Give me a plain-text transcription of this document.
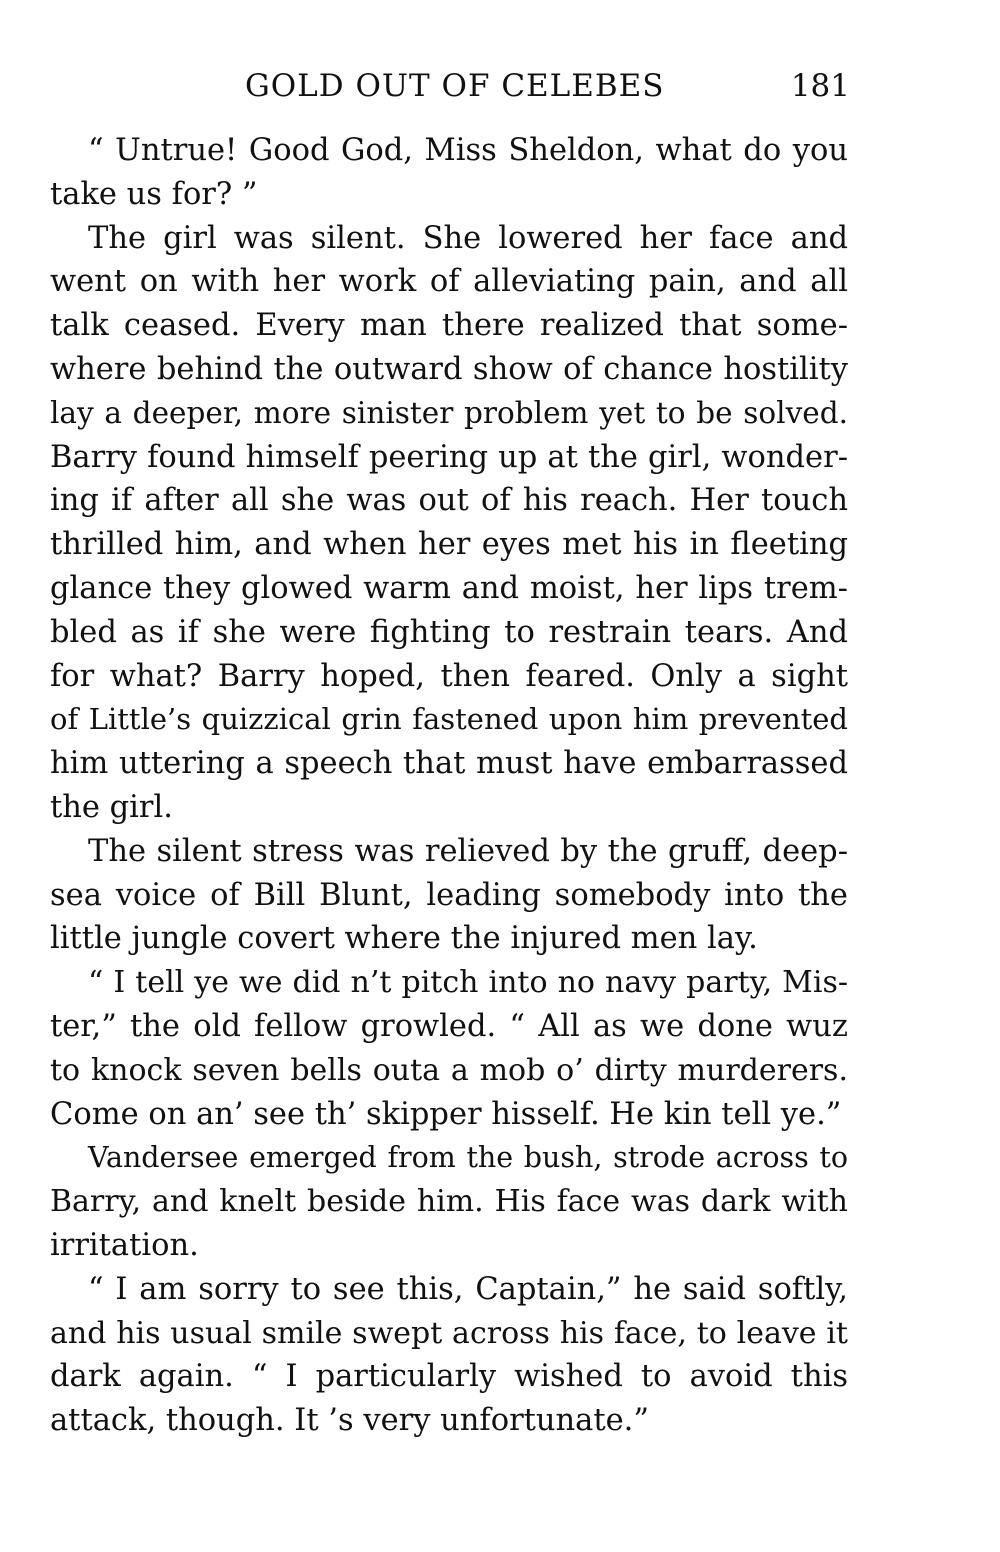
GOLD OUT OF CELEBES	181
“ Untrue! Good God, Miss Sheldon, what do you
take us for? ”
The girl was silent. She lowered her face and
went on with her work of alleviating pain, and all
talk ceased. Every man there realized that some-
where behind the outward show of chance hostility
lay a deeper, more sinister problem yet to be solved.
Barry found himself peering up at the girl, wonder-
ing if after all she was out of his reach. Her touch
thrilled him, and when her eyes met his in fleeting
glance they glowed warm and moist, her lips trem-
bled as if she were fighting to restrain tears. And
for what? Barry hoped, then feared. Only a sight
of Little’s quizzical grin fastened upon him prevented
him uttering a speech that must have embarrassed
the girl.
The silent stress was relieved by the gruff, deep-
sea voice of Bill Blunt, leading somebody into the
little jungle covert where the injured men lay.
“ I tell ye we did n’t pitch into no navy party, Mis-
ter,” the old fellow growled. “ All as we done wuz
to knock seven bells outa a mob o’ dirty murderers.
Come on an’ see th’ skipper hisself. He kin tell ye.”
Vandersee emerged from the bush, strode across to
Barry, and knelt beside him. His face was dark with
irritation.
“ I am sorry to see this, Captain,” he said softly,
and his usual smile swept across his face, to leave it
dark again. “ I particularly wished to avoid this
attack, though. It ’s very unfortunate.”
